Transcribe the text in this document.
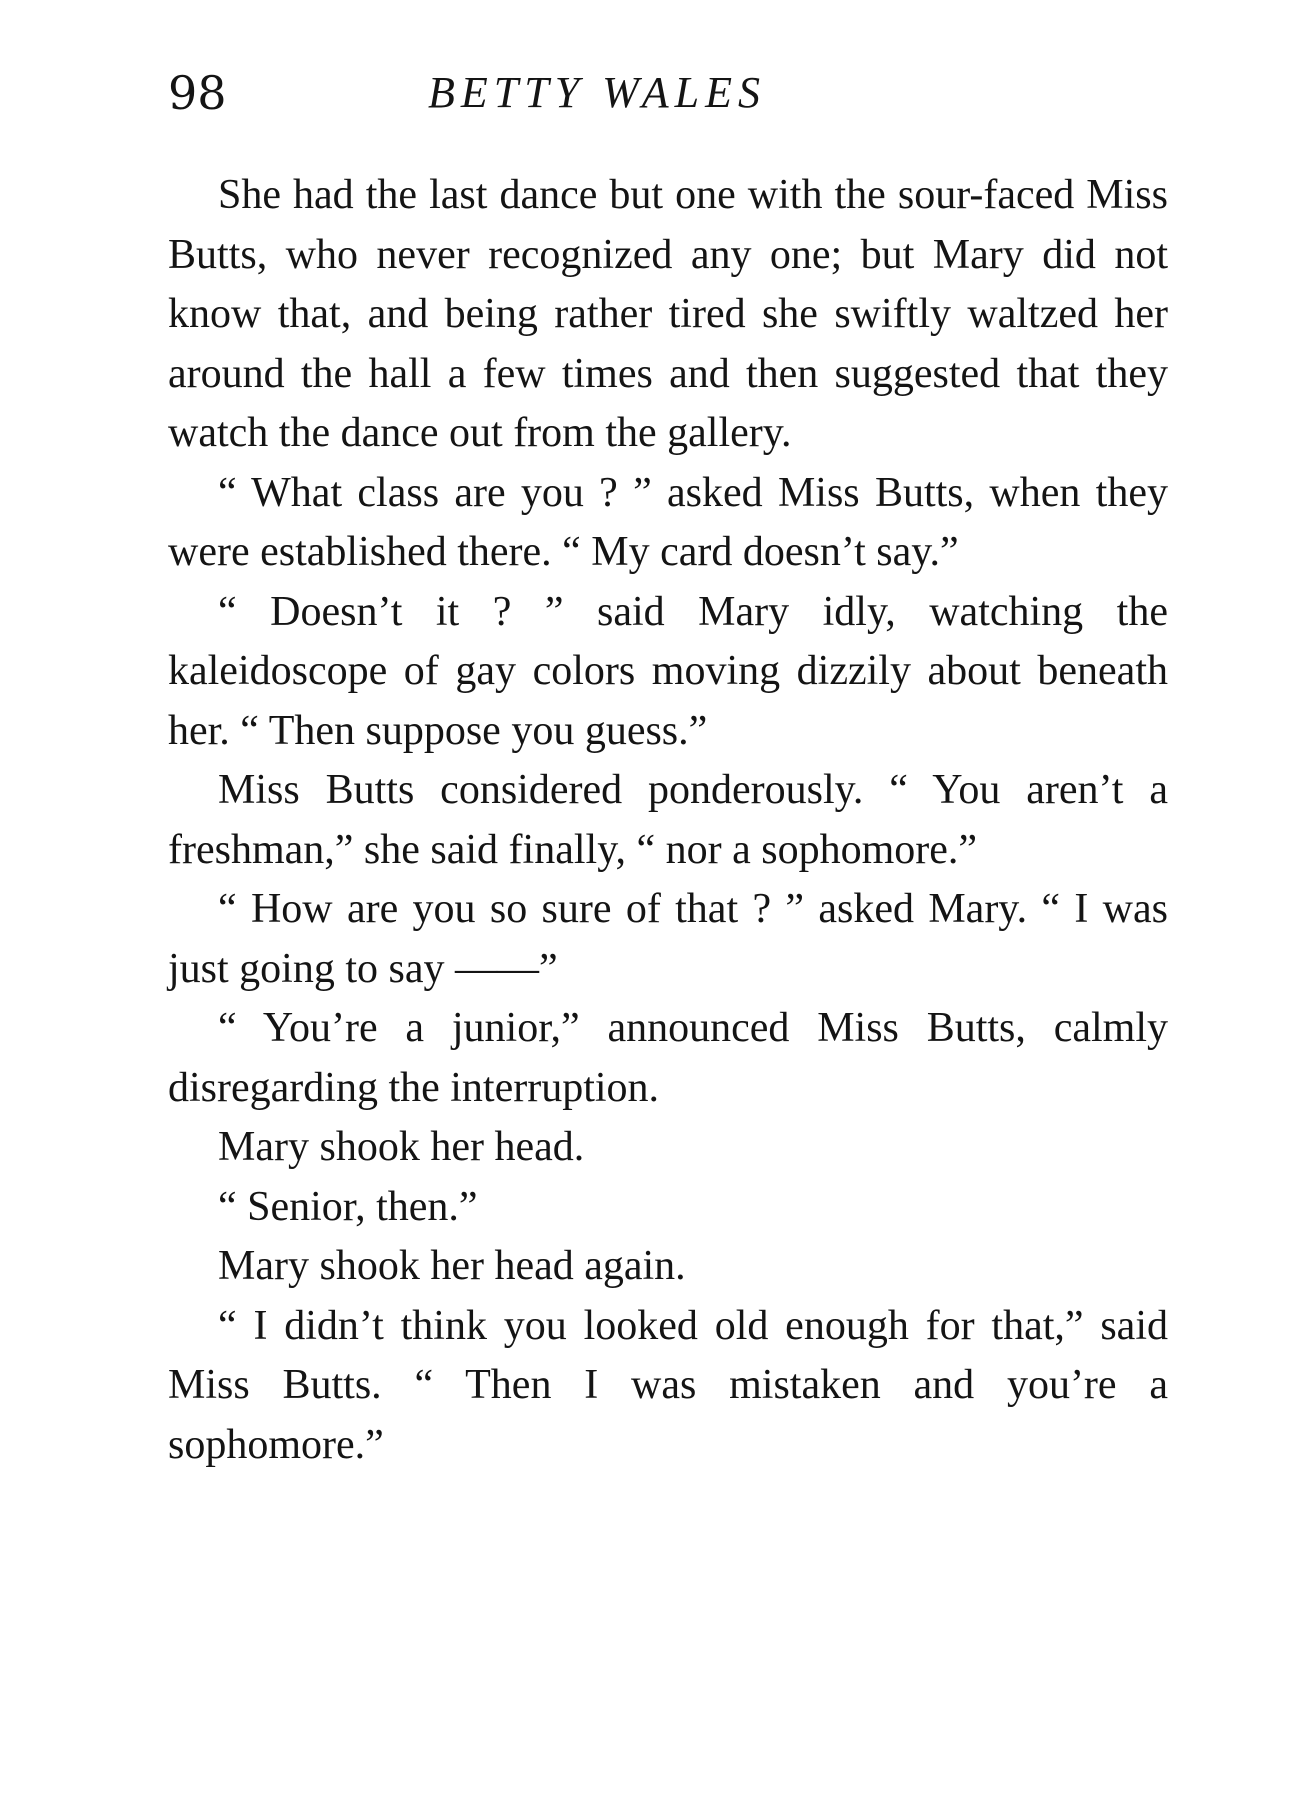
98	BETTY WALES

She had the last dance but one with the sour-faced Miss Butts, who never recognized any one; but Mary did not know that, and being rather tired she swiftly waltzed her around the hall a few times and then suggested that they watch the dance out from the gallery.

“ What class are you ? ” asked Miss Butts, when they were established there. “ My card doesn’t say.”

“ Doesn’t it ? ” said Mary idly, watching the kaleidoscope of gay colors moving dizzily about beneath her. “ Then suppose you guess.”

Miss Butts considered ponderously. “ You aren’t a freshman,” she said finally, “ nor a sophomore.”

“ How are you so sure of that ? ” asked Mary. “ I was just going to say ——”

“ You’re a junior,” announced Miss Butts, calmly disregarding the interruption.

Mary shook her head.

“ Senior, then.”

Mary shook her head again.

“ I didn’t think you looked old enough for that,” said Miss Butts. “ Then I was mistaken and you’re a sophomore.”
